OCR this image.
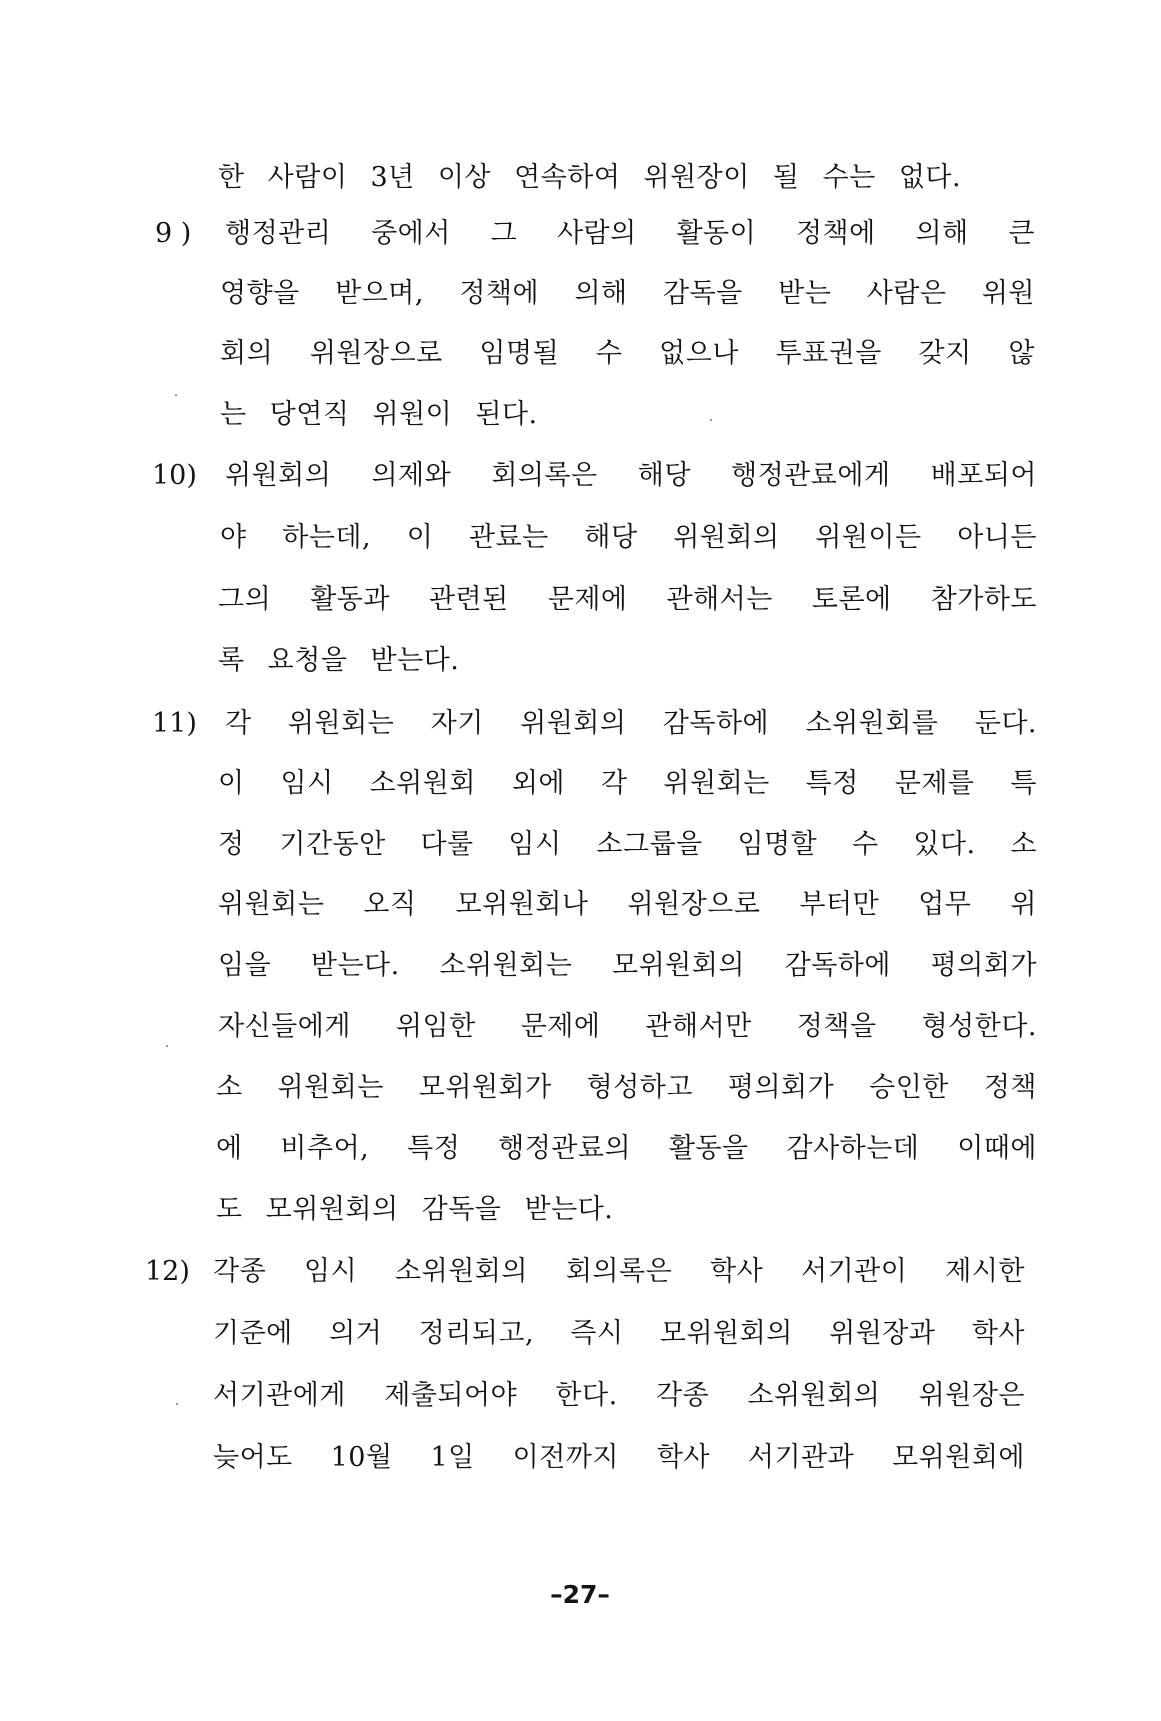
한 사람이 3년 이상 연속하여 위원장이 될 수는 없다.
9 ) 행정관리 중에서 그 사람의 활동이 정책에 의해 큰
영향을 받으며, 정책에 의해 감독을 받는 사람은 위원
회의 위원장으로 임명될 수 없으나 투표권을 갖지 않
는 당연직 위원이 된다.
10) 위원회의 의제와 회의록은 해당 행정관료에게 배포되어
야 하는데, 이 관료는 해당 위원회의 위원이든 아니든
그의 활동과 관련된 문제에 관해서는 토론에 참가하도
록 요청을 받는다.
11) 각 위원회는 자기 위원회의 감독하에 소위원회를 둔다.
이 임시 소위원회 외에 각 위원회는 특정 문제를 특
정 기간동안 다룰 임시 소그룹을 임명할 수 있다. 소
위원회는 오직 모위원회나 위원장으로 부터만 업무 위
임을 받는다. 소위원회는 모위원회의 감독하에 평의회가
자신들에게 위임한 문제에 관해서만 정책을 형성한다.
소 위원회는 모위원회가 형성하고 평의회가 승인한 정책
에 비추어, 특정 행정관료의 활동을 감사하는데 이때에
도 모위원회의 감독을 받는다.
12) 각종 임시 소위원회의 회의록은 학사 서기관이 제시한
기준에 의거 정리되고, 즉시 모위원회의 위원장과 학사
서기관에게 제출되어야 한다. 각종 소위원회의 위원장은
늦어도 10월 1일 이전까지 학사 서기관과 모위원회에
–27–
